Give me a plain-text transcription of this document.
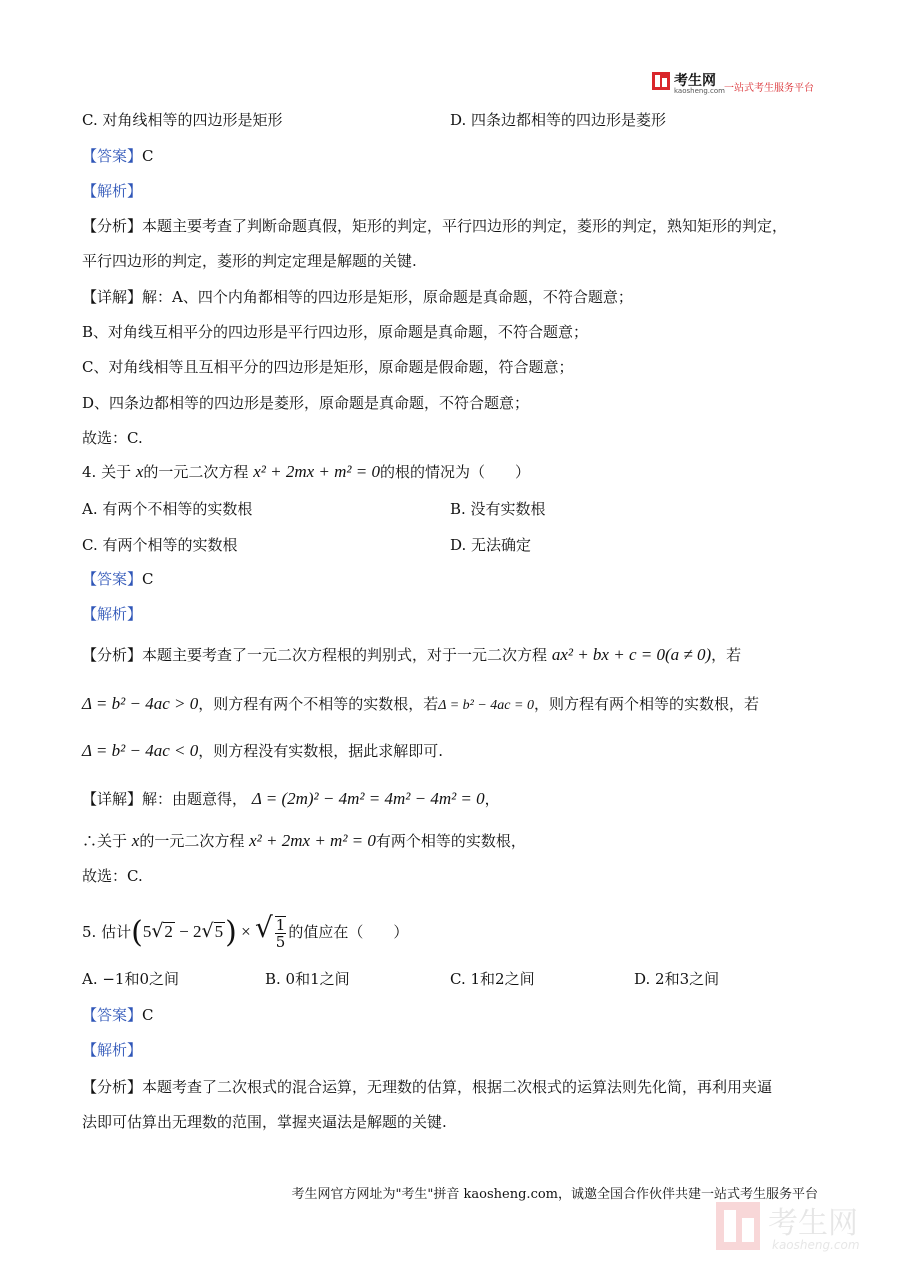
考生网
kaosheng.com 一站式考生服务平台
C. 对角线相等的四边形是矩形	D. 四条边都相等的四边形是菱形
【答案】C
【解析】
【分析】本题主要考查了判断命题真假，矩形的判定，平行四边形的判定，菱形的判定，熟知矩形的判定，
平行四边形的判定，菱形的判定定理是解题的关键.
【详解】解：A、四个内角都相等的四边形是矩形，原命题是真命题，不符合题意；
B、对角线互相平分的四边形是平行四边形，原命题是真命题，不符合题意；
C、对角线相等且互相平分的四边形是矩形，原命题是假命题，符合题意；
D、四条边都相等的四边形是菱形，原命题是真命题，不符合题意；
故选：C.
4. 关于 x的一元二次方程 x² + 2mx + m² = 0的根的情况为（　　）
A. 有两个不相等的实数根	B. 没有实数根
C. 有两个相等的实数根	D. 无法确定
【答案】C
【解析】
【分析】本题主要考查了一元二次方程根的判别式，对于一元二次方程 ax² + bx + c = 0(a ≠ 0)，若
Δ = b² − 4ac > 0，则方程有两个不相等的实数根，若Δ = b² − 4ac = 0，则方程有两个相等的实数根，若
Δ = b² − 4ac < 0，则方程没有实数根，据此求解即可.
【详解】解：由题意得， Δ = (2m)² − 4m² = 4m² − 4m² = 0，
∴关于 x的一元二次方程 x² + 2mx + m² = 0有两个相等的实数根，
故选：C.
5. 估计(5√2 − 2√5) × √ $\frac{1}{5}$ 的值应在（　　）
A. −1和0之间	B. 0和1之间	C. 1和2之间	D. 2和3之间
【答案】C
【解析】
【分析】本题考查了二次根式的混合运算，无理数的估算，根据二次根式的运算法则先化简，再利用夹逼
法即可估算出无理数的范围，掌握夹逼法是解题的关键.
考生网官方网址为"考生"拼音 kaosheng.com，诚邀全国合作伙伴共建一站式考生服务平台
考生网
kaosheng.com
